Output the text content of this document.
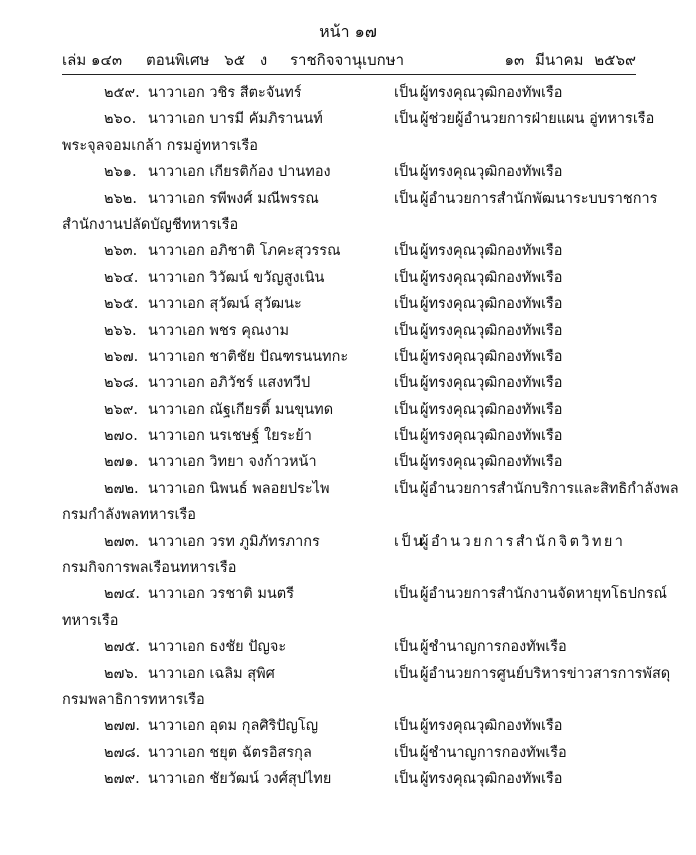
หน้า ๑๗
เล่ม ๑๔๓ ตอนพิเศษ ๖๕ ง ราชกิจจานุเบกษา	๑๓ มีนาคม ๒๕๖๙
๒๕๙. นาวาเอก วชิร สีตะจันทร์	เป็น ผู้ทรงคุณวุฒิกองทัพเรือ
๒๖๐. นาวาเอก บารมี คัมภิรานนท์	เป็น ผู้ช่วยผู้อำนวยการฝ่ายแผน อู่ทหารเรือ
พระจุลจอมเกล้า กรมอู่ทหารเรือ
๒๖๑. นาวาเอก เกียรติก้อง ปานทอง	เป็น ผู้ทรงคุณวุฒิกองทัพเรือ
๒๖๒. นาวาเอก รพีพงศ์ มณีพรรณ	เป็น ผู้อำนวยการสำนักพัฒนาระบบราชการ
สำนักงานปลัดบัญชีทหารเรือ
๒๖๓. นาวาเอก อภิชาติ โภคะสุวรรณ	เป็น ผู้ทรงคุณวุฒิกองทัพเรือ
๒๖๔. นาวาเอก วิวัฒน์ ขวัญสูงเนิน	เป็น ผู้ทรงคุณวุฒิกองทัพเรือ
๒๖๕. นาวาเอก สุวัฒน์ สุวัฒนะ	เป็น ผู้ทรงคุณวุฒิกองทัพเรือ
๒๖๖. นาวาเอก พชร คุณงาม	เป็น ผู้ทรงคุณวุฒิกองทัพเรือ
๒๖๗. นาวาเอก ชาติชัย ปัณฑรนนทกะ	เป็น ผู้ทรงคุณวุฒิกองทัพเรือ
๒๖๘. นาวาเอก อภิวัชร์ แสงทวีป	เป็น ผู้ทรงคุณวุฒิกองทัพเรือ
๒๖๙. นาวาเอก ณัฐเกียรติ์ มนขุนทด	เป็น ผู้ทรงคุณวุฒิกองทัพเรือ
๒๗๐. นาวาเอก นรเชษฐ์ ใยระย้า	เป็น ผู้ทรงคุณวุฒิกองทัพเรือ
๒๗๑. นาวาเอก วิทยา จงก้าวหน้า	เป็น ผู้ทรงคุณวุฒิกองทัพเรือ
๒๗๒. นาวาเอก นิพนธ์ พลอยประไพ	เป็น ผู้อำนวยการสำนักบริการและสิทธิกำลังพล
กรมกำลังพลทหารเรือ
๒๗๓. นาวาเอก วรท ภูมิภัทรภากร	เป็น
ผู้อำนวยการสำนักจิตวิทยา
กรมกิจการพลเรือนทหารเรือ
๒๗๔. นาวาเอก วรชาติ มนตรี	เป็น ผู้อำนวยการสำนักงานจัดหายุทโธปกรณ์
ทหารเรือ
๒๗๕. นาวาเอก ธงชัย ปัญจะ	เป็น ผู้ชำนาญการกองทัพเรือ
๒๗๖. นาวาเอก เฉลิม สุพิศ	เป็น ผู้อำนวยการศูนย์บริหารข่าวสารการพัสดุ
กรมพลาธิการทหารเรือ
๒๗๗. นาวาเอก อุดม กุลศิริปัญโญ	เป็น ผู้ทรงคุณวุฒิกองทัพเรือ
๒๗๘. นาวาเอก ชยุต ฉัตรอิสรกุล	เป็น ผู้ชำนาญการกองทัพเรือ
๒๗๙. นาวาเอก ชัยวัฒน์ วงศ์สุปไทย	เป็น ผู้ทรงคุณวุฒิกองทัพเรือ
